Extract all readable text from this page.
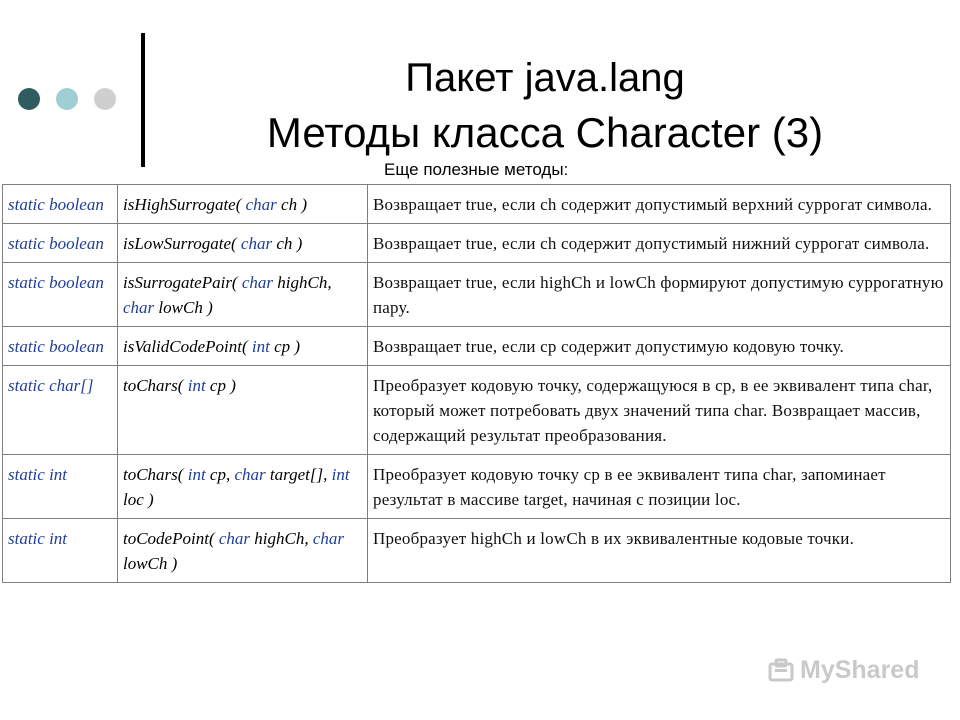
Пакет java.lang
Методы класса Character (3)
Еще полезные методы:
static boolean	isHighSurrogate( char ch )	Возвращает true, если ch содержит допустимый верхний суррогат символа.
static boolean	isLowSurrogate( char ch )	Возвращает true, если ch содержит допустимый нижний суррогат символа.
static boolean	isSurrogatePair( char highCh, char lowCh )	Возвращает true, если highCh и lowCh формируют допустимую суррогатную пару.
static boolean	isValidCodePoint( int cp )	Возвращает true, если cp содержит допустимую кодовую точку.
static char[]	toChars( int cp )	Преобразует кодовую точку, содержащуюся в cp, в ее эквивалент типа char, который может потребовать двух значений типа char. Возвращает массив, содержащий результат преобразования.
static int	toChars( int cp, char target[], int loc )	Преобразует кодовую точку cp в ее эквивалент типа char, запоминает результат в массиве target, начиная с позиции loc.
static int	toCodePoint( char highCh, char lowCh )	Преобразует highCh и lowCh в их эквивалентные кодовые точки.
MyShared
